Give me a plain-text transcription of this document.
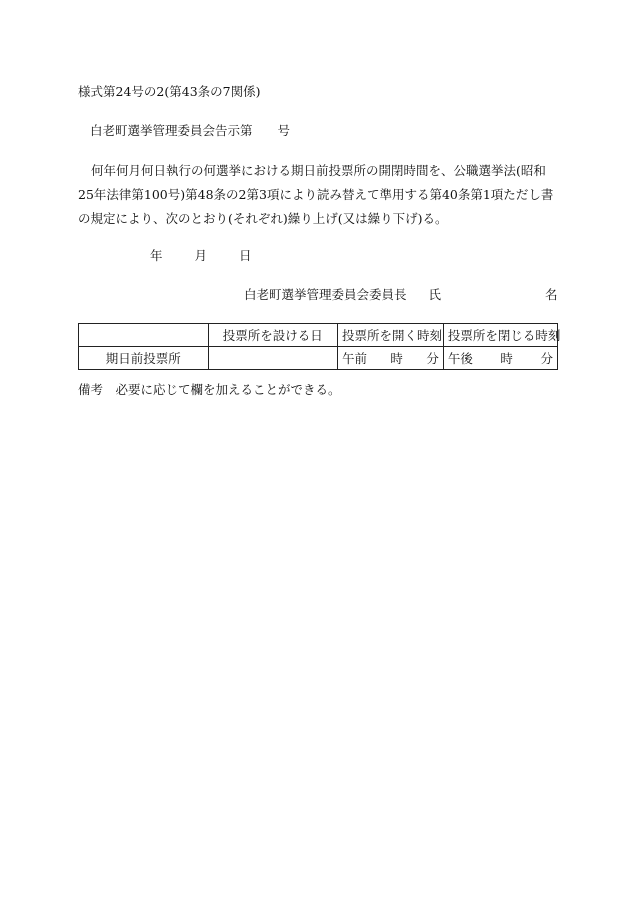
様式第24号の2(第43条の7関係)
白老町選挙管理委員会告示第　　号
何年何月何日執行の何選挙における期日前投票所の開閉時間を、公職選挙法(昭和25年法律第100号)第48条の2第3項により読み替えて準用する第40条第1項ただし書の規定により、次のとおり(それぞれ)繰り上げ(又は繰り下げ)る。
年	月	日
白老町選挙管理委員会委員長 氏	名
	投票所を設ける日	投票所を開く時刻	投票所を閉じる時刻
期日前投票所		午前 時 分	午後 時 分
備考　必要に応じて欄を加えることができる。
